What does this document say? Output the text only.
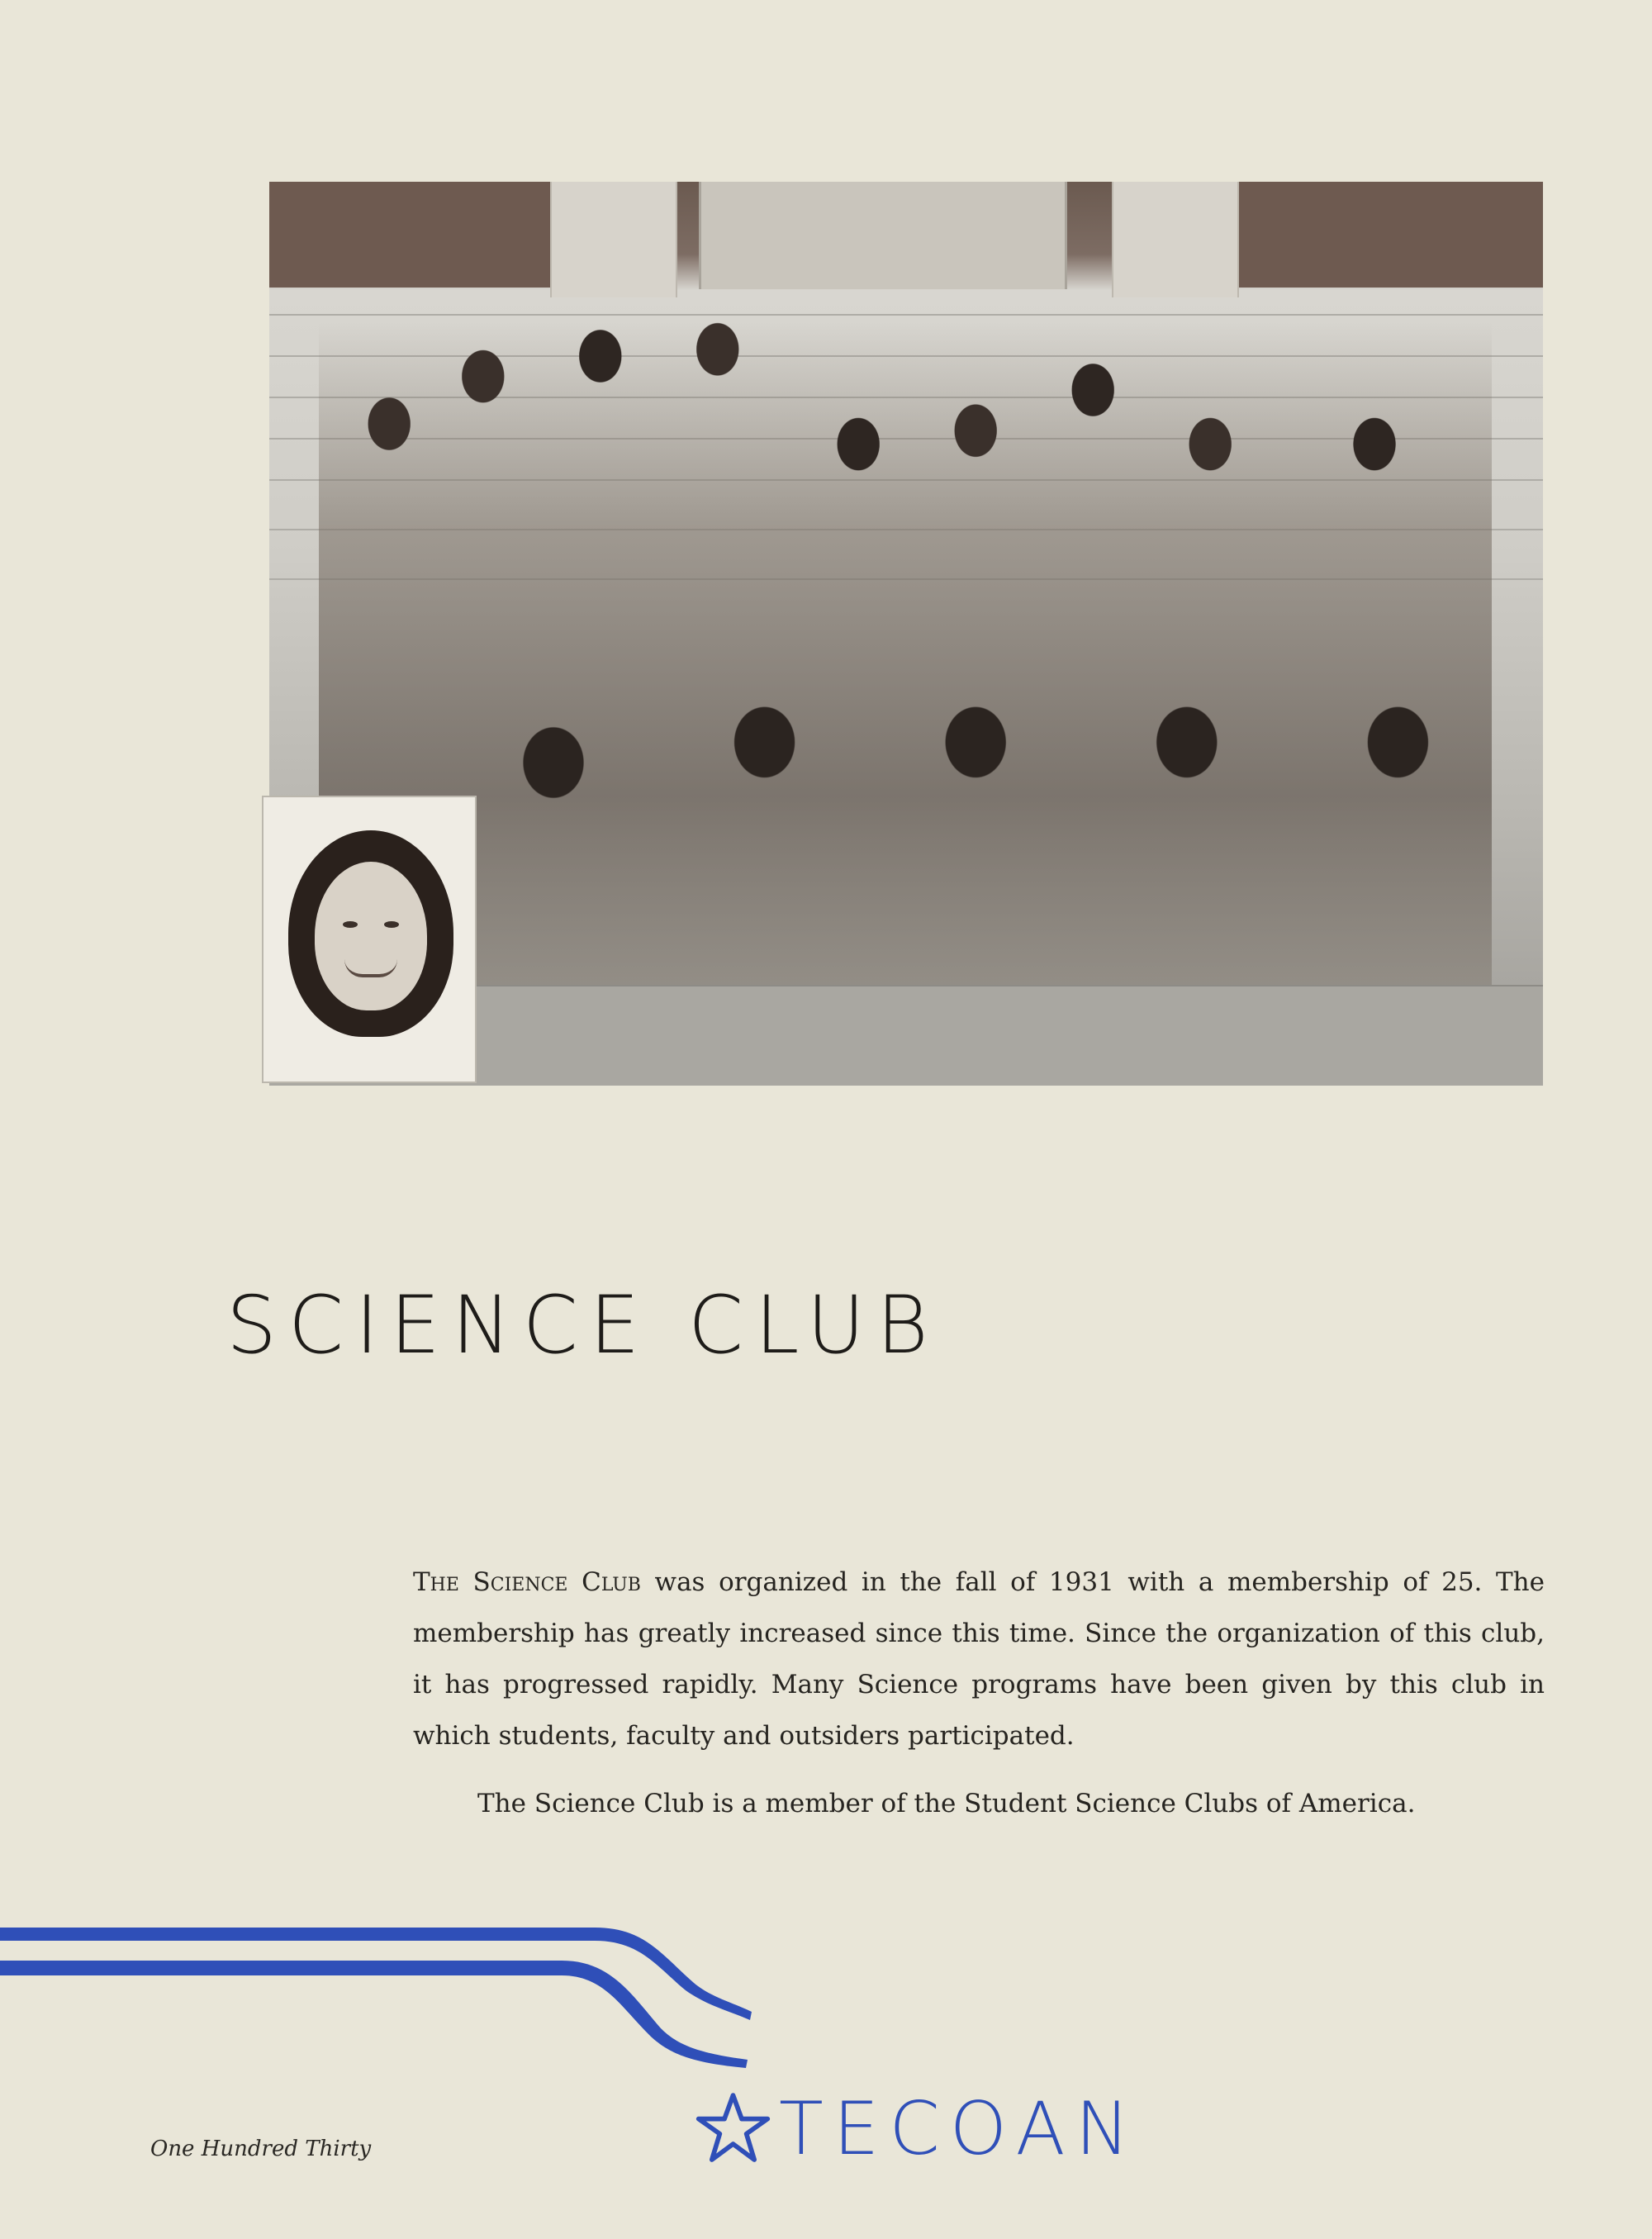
SCIENCE CLUB

The Science Club was organized in the fall of 1931 with a membership of 25. The membership has greatly increased since this time. Since the organization of this club, it has progressed rapidly. Many Science programs have been given by this club in which students, faculty and outsiders participated.

The Science Club is a member of the Student Science Clubs of America.

One Hundred Thirty	TECOAN
